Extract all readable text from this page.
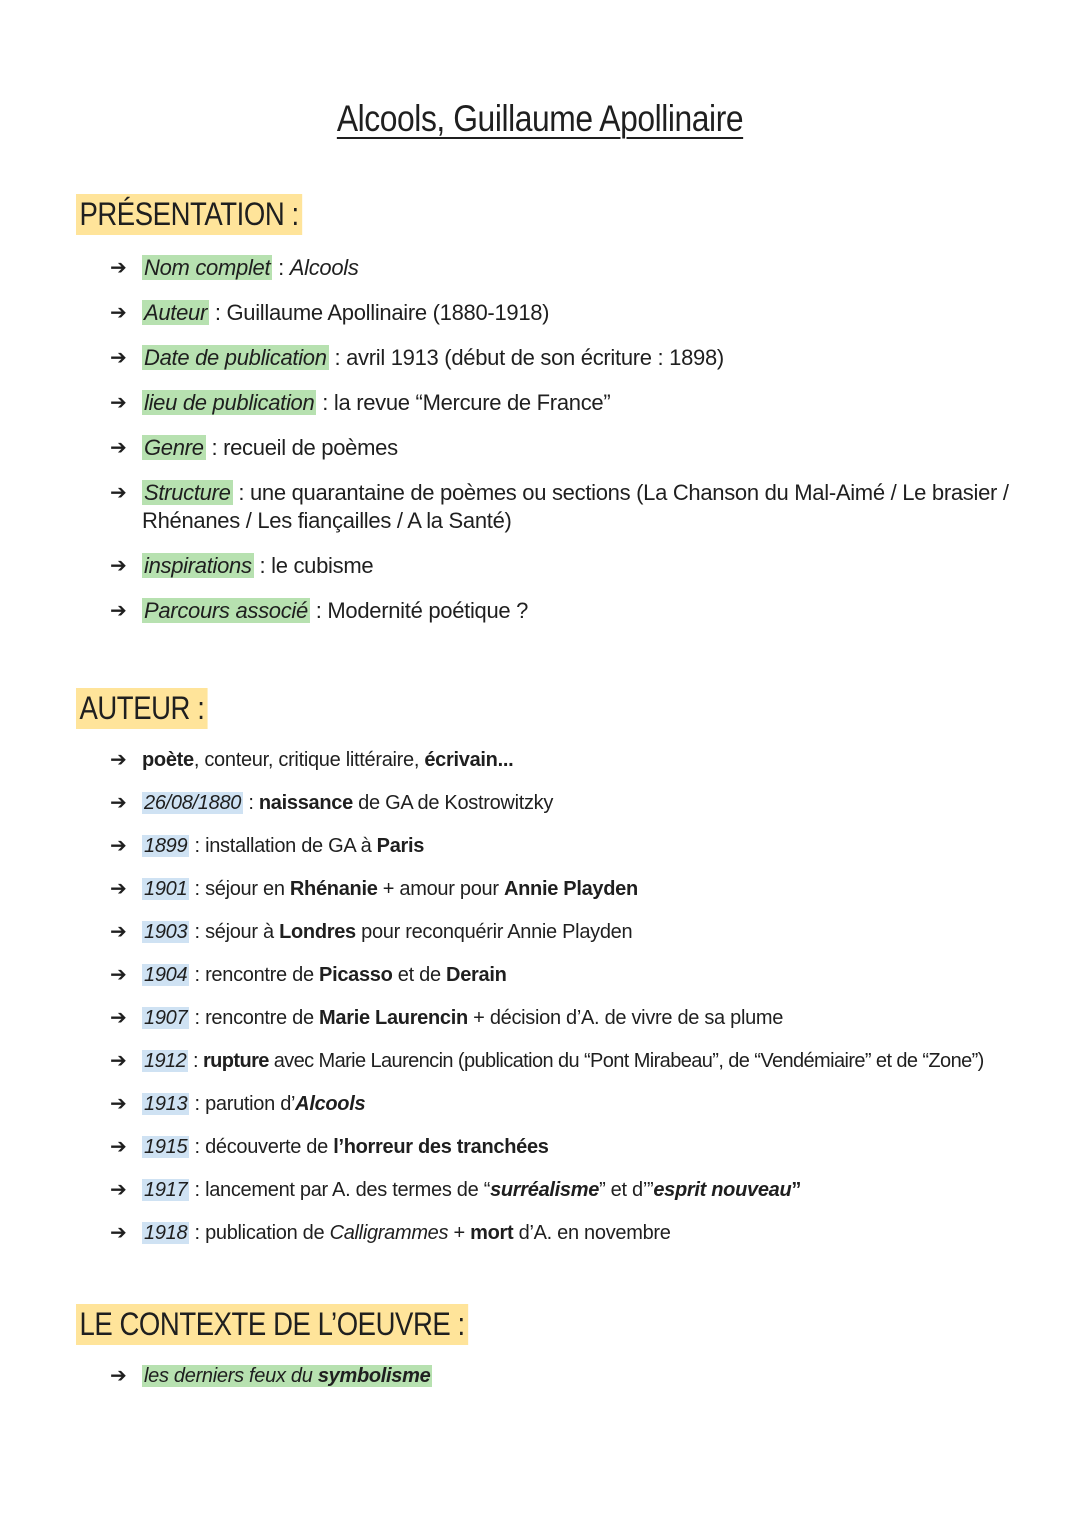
Alcools, Guillaume Apollinaire
PRÉSENTATION :
➔ Nom complet : Alcools
➔ Auteur : Guillaume Apollinaire (1880-1918)
➔ Date de publication : avril 1913 (début de son écriture : 1898)
➔ lieu de publication : la revue “Mercure de France”
➔ Genre : recueil de poèmes
➔ Structure : une quarantaine de poèmes ou sections (La Chanson du Mal-Aimé / Le brasier / Rhénanes / Les fiançailles / A la Santé)
➔ inspirations : le cubisme
➔ Parcours associé : Modernité poétique ?
AUTEUR :
➔ poète, conteur, critique littéraire, écrivain...
➔ 26/08/1880 : naissance de GA de Kostrowitzky
➔ 1899 : installation de GA à Paris
➔ 1901 : séjour en Rhénanie + amour pour Annie Playden
➔ 1903 : séjour à Londres pour reconquérir Annie Playden
➔ 1904 : rencontre de Picasso et de Derain
➔ 1907 : rencontre de Marie Laurencin + décision d’A. de vivre de sa plume
➔ 1912 : rupture avec Marie Laurencin (publication du “Pont Mirabeau”, de “Vendémiaire” et de “Zone”)
➔ 1913 : parution d’Alcools
➔ 1915 : découverte de l’horreur des tranchées
➔ 1917 : lancement par A. des termes de “surréalisme” et d’”esprit nouveau”
➔ 1918 : publication de Calligrammes + mort d’A. en novembre
LE CONTEXTE DE L’OEUVRE :
➔ les derniers feux du symbolisme
